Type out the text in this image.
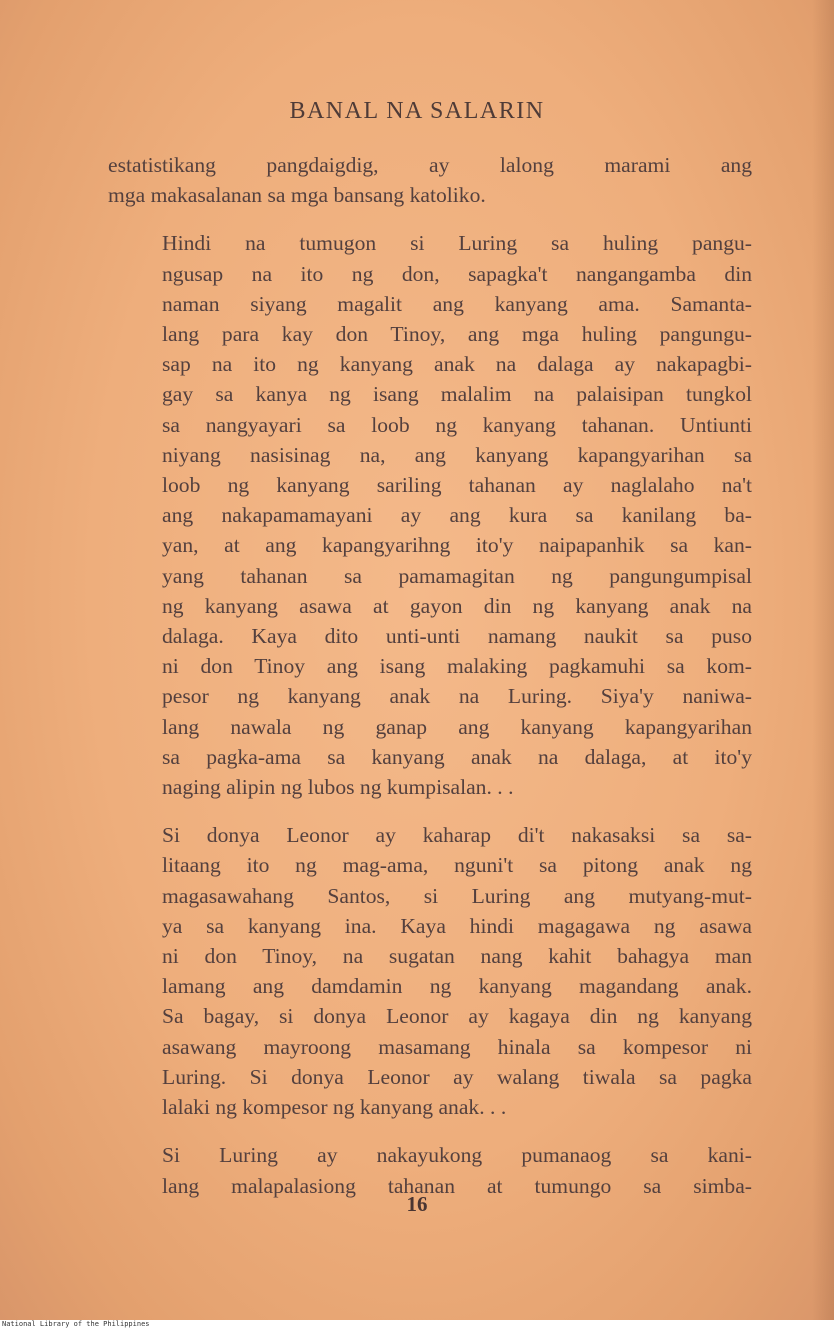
BANAL NA SALARIN

estatistikang pangdaigdig, ay lalong marami ang
mga makasalanan sa mga bansang katoliko.

Hindi na tumugon si Luring sa huling pangu-
ngusap na ito ng don, sapagka't nangangamba din
naman siyang magalit ang kanyang ama. Samanta-
lang para kay don Tinoy, ang mga huling pangungu-
sap na ito ng kanyang anak na dalaga ay nakapagbi-
gay sa kanya ng isang malalim na palaisipan tungkol
sa nangyayari sa loob ng kanyang tahanan. Untiunti
niyang nasisinag na, ang kanyang kapangyarihan sa
loob ng kanyang sariling tahanan ay naglalaho na't
ang nakapamamayani ay ang kura sa kanilang ba-
yan, at ang kapangyarihng ito'y naipapanhik sa kan-
yang tahanan sa pamamagitan ng pangungumpisal
ng kanyang asawa at gayon din ng kanyang anak na
dalaga. Kaya dito unti-unti namang naukit sa puso
ni don Tinoy ang isang malaking pagkamuhi sa kom-
pesor ng kanyang anak na Luring. Siya'y naniwa-
lang nawala ng ganap ang kanyang kapangyarihan
sa pagka-ama sa kanyang anak na dalaga, at ito'y
naging alipin ng lubos ng kumpisalan. . .

Si donya Leonor ay kaharap di't nakasaksi sa sa-
litaang ito ng mag-ama, nguni't sa pitong anak ng
magasawahang Santos, si Luring ang mutyang-mut-
ya sa kanyang ina. Kaya hindi magagawa ng asawa
ni don Tinoy, na sugatan nang kahit bahagya man
lamang ang damdamin ng kanyang magandang anak.
Sa bagay, si donya Leonor ay kagaya din ng kanyang
asawang mayroong masamang hinala sa kompesor ni
Luring. Si donya Leonor ay walang tiwala sa pagka
lalaki ng kompesor ng kanyang anak. . .

Si Luring ay nakayukong pumanaog sa kani-
lang malapalasiong tahanan at tumungo sa simba-

16
National Library of the Philippines
